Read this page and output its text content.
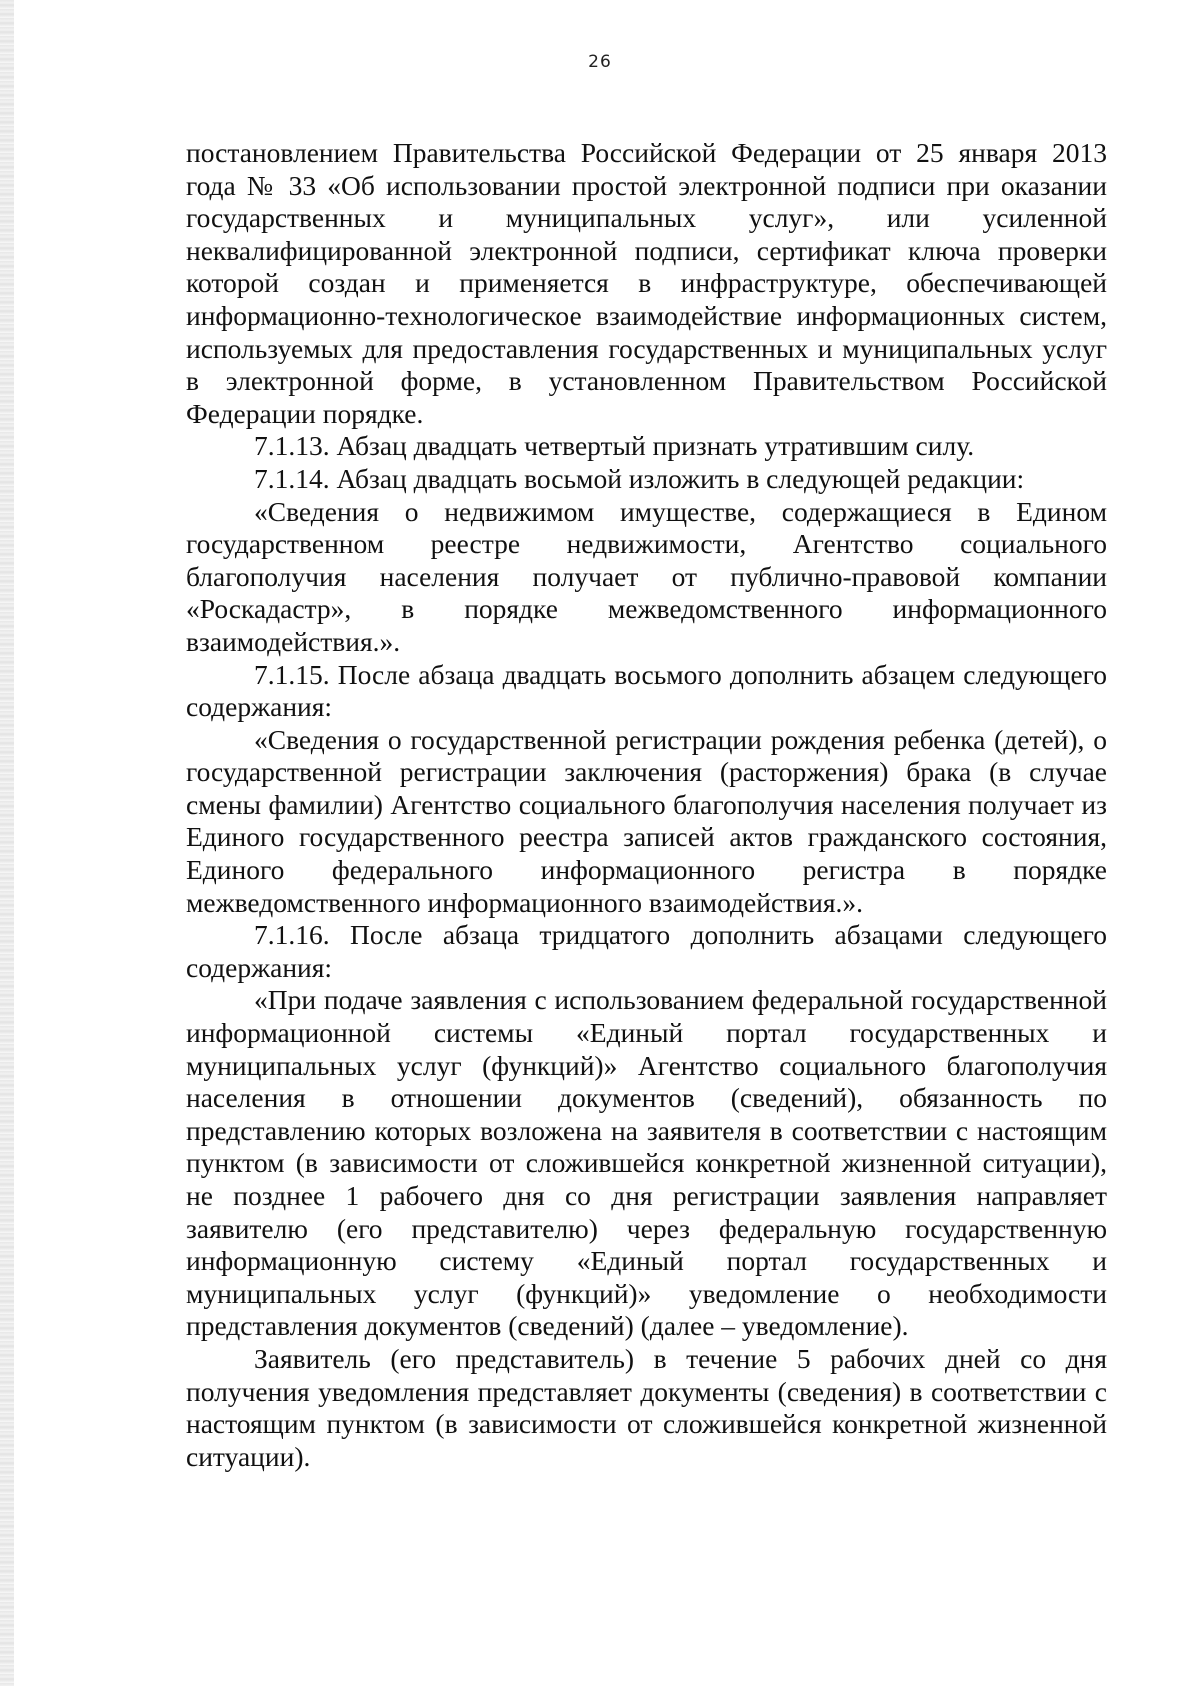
26

постановлением Правительства Российской Федерации от 25 января 2013 года № 33 «Об использовании простой электронной подписи при оказании государственных и муниципальных услуг», или усиленной неквалифицированной электронной подписи, сертификат ключа проверки которой создан и применяется в инфраструктуре, обеспечивающей информационно-технологическое взаимодействие информационных систем, используемых для предоставления государственных и муниципальных услуг в электронной форме, в установленном Правительством Российской Федерации порядке.

7.1.13. Абзац двадцать четвертый признать утратившим силу.

7.1.14. Абзац двадцать восьмой изложить в следующей редакции:

«Сведения о недвижимом имуществе, содержащиеся в Едином государственном реестре недвижимости, Агентство социального благополучия населения получает от публично-правовой компании «Роскадастр», в порядке межведомственного информационного взаимодействия.».

7.1.15. После абзаца двадцать восьмого дополнить абзацем следующего содержания:

«Сведения о государственной регистрации рождения ребенка (детей), о государственной регистрации заключения (расторжения) брака (в случае смены фамилии) Агентство социального благополучия населения получает из Единого государственного реестра записей актов гражданского состояния, Единого федерального информационного регистра в порядке межведомственного информационного взаимодействия.».

7.1.16. После абзаца тридцатого дополнить абзацами следующего содержания:

«При подаче заявления с использованием федеральной государственной информационной системы «Единый портал государственных и муниципальных услуг (функций)» Агентство социального благополучия населения в отношении документов (сведений), обязанность по представлению которых возложена на заявителя в соответствии с настоящим пунктом (в зависимости от сложившейся конкретной жизненной ситуации), не позднее 1 рабочего дня со дня регистрации заявления направляет заявителю (его представителю) через федеральную государственную информационную систему «Единый портал государственных и муниципальных услуг (функций)» уведомление о необходимости представления документов (сведений) (далее – уведомление).

Заявитель (его представитель) в течение 5 рабочих дней со дня получения уведомления представляет документы (сведения) в соответствии с настоящим пунктом (в зависимости от сложившейся конкретной жизненной ситуации).
